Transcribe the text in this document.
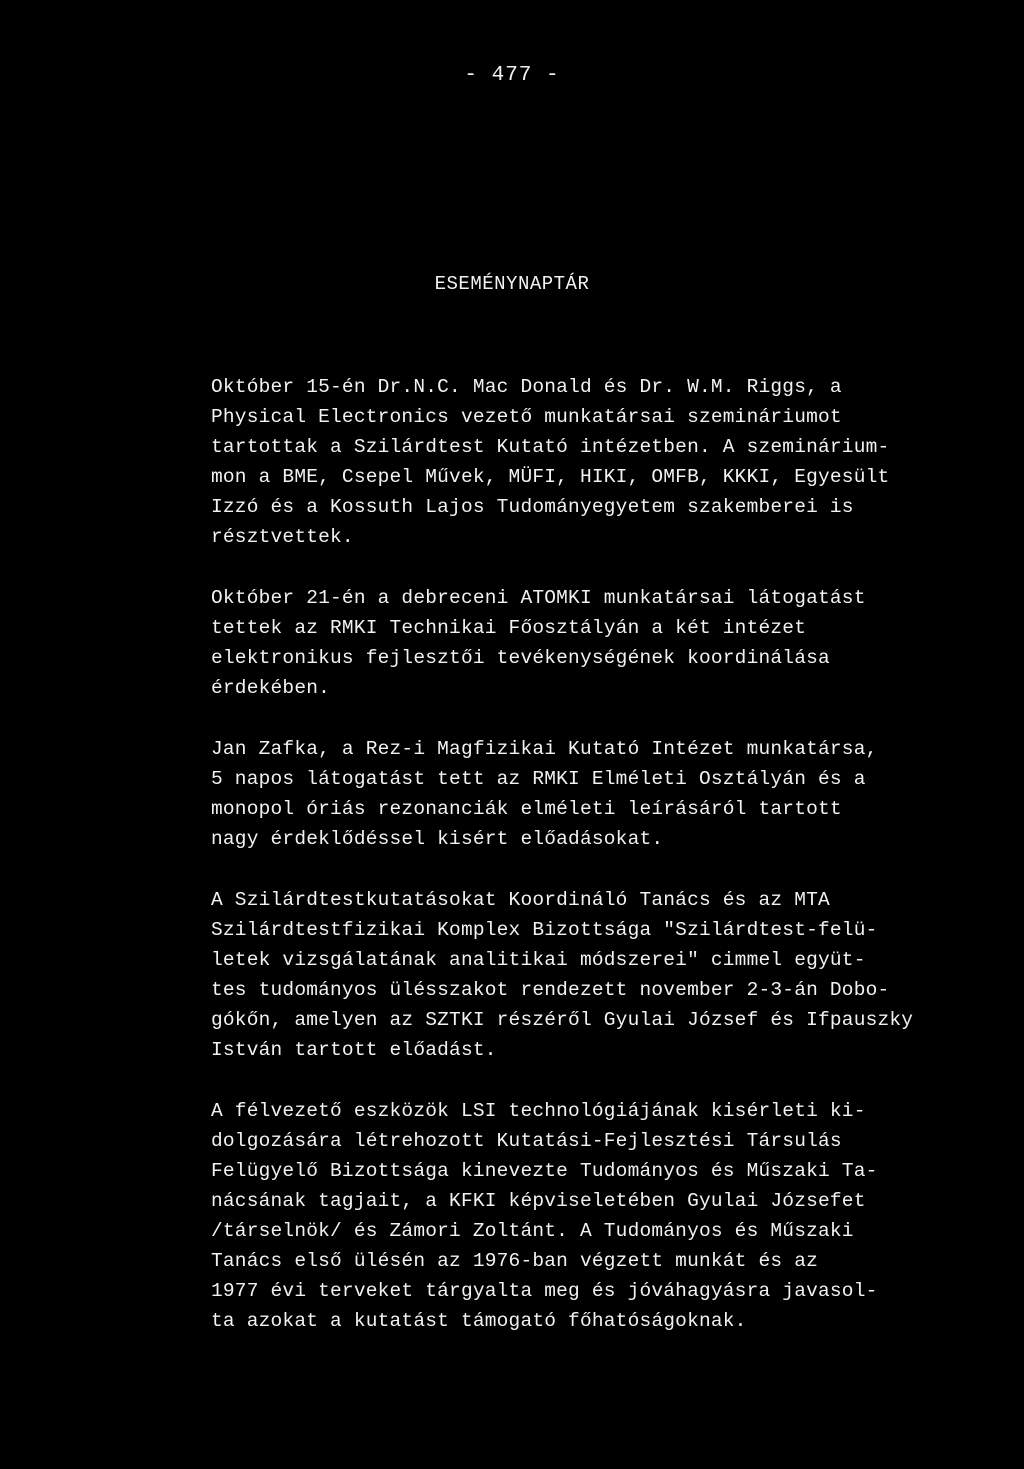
- 477 -
ESEMÉNYNAPTÁR
Október 15-én Dr.N.C. Mac Donald és Dr. W.M. Riggs, a
Physical Electronics vezető munkatársai szemináriumot
tartottak a Szilárdtest Kutató intézetben. A szeminárium-
mon a BME, Csepel Művek, MÜFI, HIKI, OMFB, KKKI, Egyesült
Izzó és a Kossuth Lajos Tudományegyetem szakemberei is
résztvettek.
Október 21-én a debreceni ATOMKI munkatársai látogatást
tettek az RMKI Technikai Főosztályán a két intézet
elektronikus fejlesztői tevékenységének koordinálása
érdekében.
Jan Zafka, a Rez-i Magfizikai Kutató Intézet munkatársa,
5 napos látogatást tett az RMKI Elméleti Osztályán és a
monopol óriás rezonanciák elméleti leírásáról tartott
nagy érdeklődéssel kisért előadásokat.
A Szilárdtestkutatásokat Koordináló Tanács és az MTA
Szilárdtestfizikai Komplex Bizottsága "Szilárdtest-felü-
letek vizsgálatának analitikai módszerei" cimmel együt-
tes tudományos ülésszakot rendezett november 2-3-án Dobo-
gókőn, amelyen az SZTKI részéről Gyulai József és Ifpauszky
István tartott előadást.
A félvezető eszközök LSI technológiájának kisérleti ki-
dolgozására létrehozott Kutatási-Fejlesztési Társulás
Felügyelő Bizottsága kinevezte Tudományos és Műszaki Ta-
nácsának tagjait, a KFKI képviseletében Gyulai Józsefet
/társelnök/ és Zámori Zoltánt. A Tudományos és Műszaki
Tanács első ülésén az 1976-ban végzett munkát és az
1977 évi terveket tárgyalta meg és jóváhagyásra javasol-
ta azokat a kutatást támogató főhatóságoknak.
